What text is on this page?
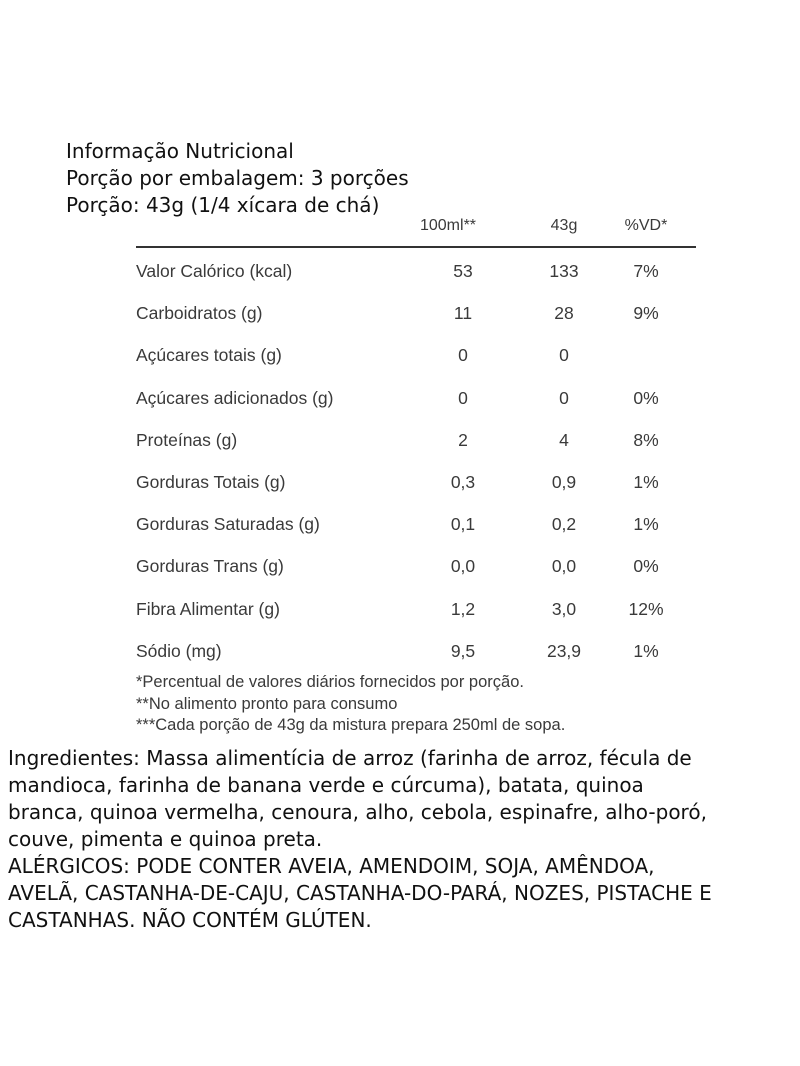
Informação Nutricional
Porção por embalagem: 3 porções
Porção: 43g (1/4 xícara de chá)
100ml**	43g	%VD*
Valor Calórico (kcal)	53	133	7%
Carboidratos (g)	11	28	9%
Açúcares totais (g)	0	0
Açúcares adicionados (g)	0	0	0%
Proteínas (g)	2	4	8%
Gorduras Totais (g)	0,3	0,9	1%
Gorduras Saturadas (g)	0,1	0,2	1%
Gorduras Trans (g)	0,0	0,0	0%
Fibra Alimentar (g)	1,2	3,0	12%
Sódio (mg)	9,5	23,9	1%
*Percentual de valores diários fornecidos por porção.
**No alimento pronto para consumo
***Cada porção de 43g da mistura prepara 250ml de sopa.
Ingredientes: Massa alimentícia de arroz (farinha de arroz, fécula de
mandioca, farinha de banana verde e cúrcuma), batata, quinoa
branca, quinoa vermelha, cenoura, alho, cebola, espinafre, alho-poró,
couve, pimenta e quinoa preta.
ALÉRGICOS: PODE CONTER AVEIA, AMENDOIM, SOJA, AMÊNDOA,
AVELÃ, CASTANHA-DE-CAJU, CASTANHA-DO-PARÁ, NOZES, PISTACHE E
CASTANHAS. NÃO CONTÉM GLÚTEN.
